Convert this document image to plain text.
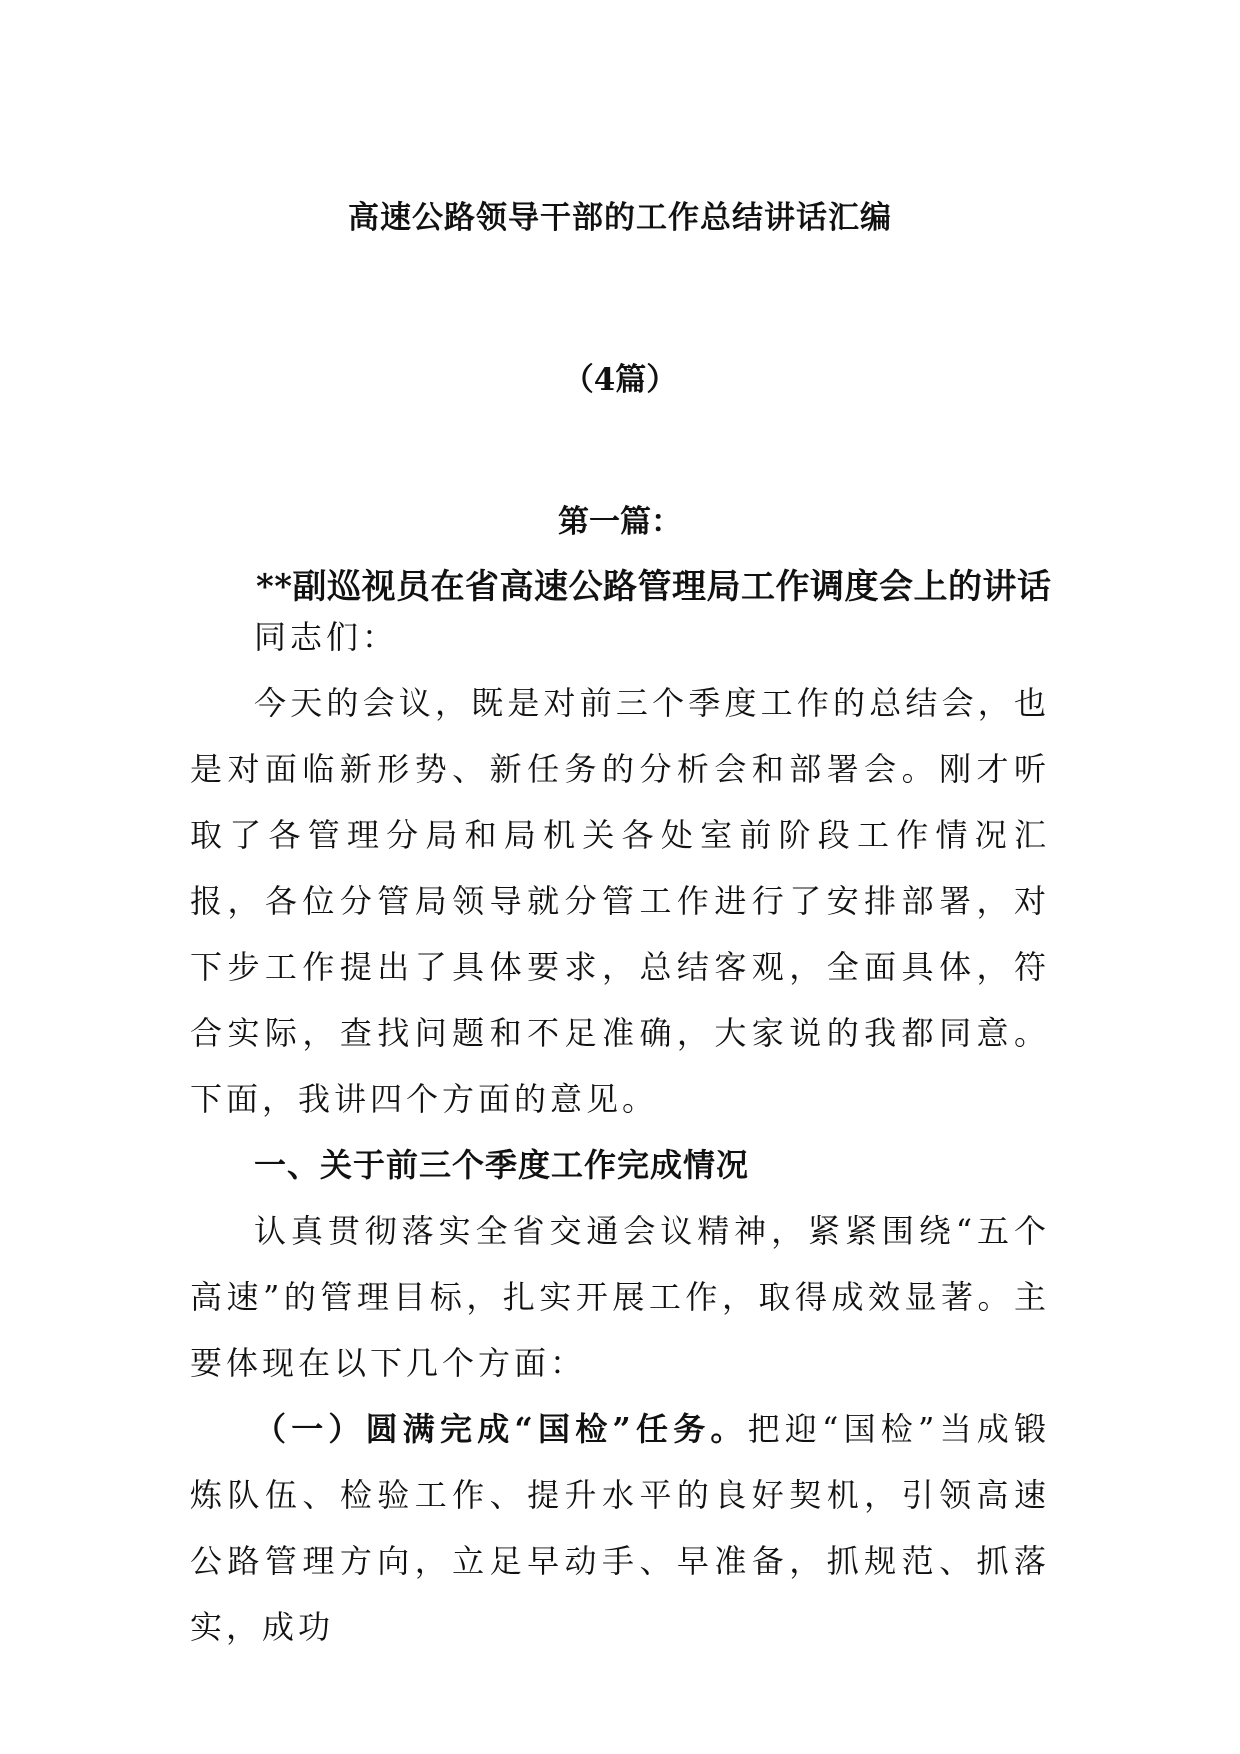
高速公路领导干部的工作总结讲话汇编
（4篇）
第一篇：
**副巡视员在省高速公路管理局工作调度会上的讲话

同志们：

今天的会议，既是对前三个季度工作的总结会，也是对面临新形势、新任务的分析会和部署会。刚才听取了各管理分局和局机关各处室前阶段工作情况汇报，各位分管局领导就分管工作进行了安排部署，对下步工作提出了具体要求，总结客观，全面具体，符合实际，查找问题和不足准确，大家说的我都同意。下面，我讲四个方面的意见。

一、关于前三个季度工作完成情况

认真贯彻落实全省交通会议精神，紧紧围绕“五个高速”的管理目标，扎实开展工作，取得成效显著。主要体现在以下几个方面：

（一）圆满完成“国检”任务。把迎“国检”当成锻炼队伍、检验工作、提升水平的良好契机，引领高速公路管理方向，立足早动手、早准备，抓规范、抓落实，成功
